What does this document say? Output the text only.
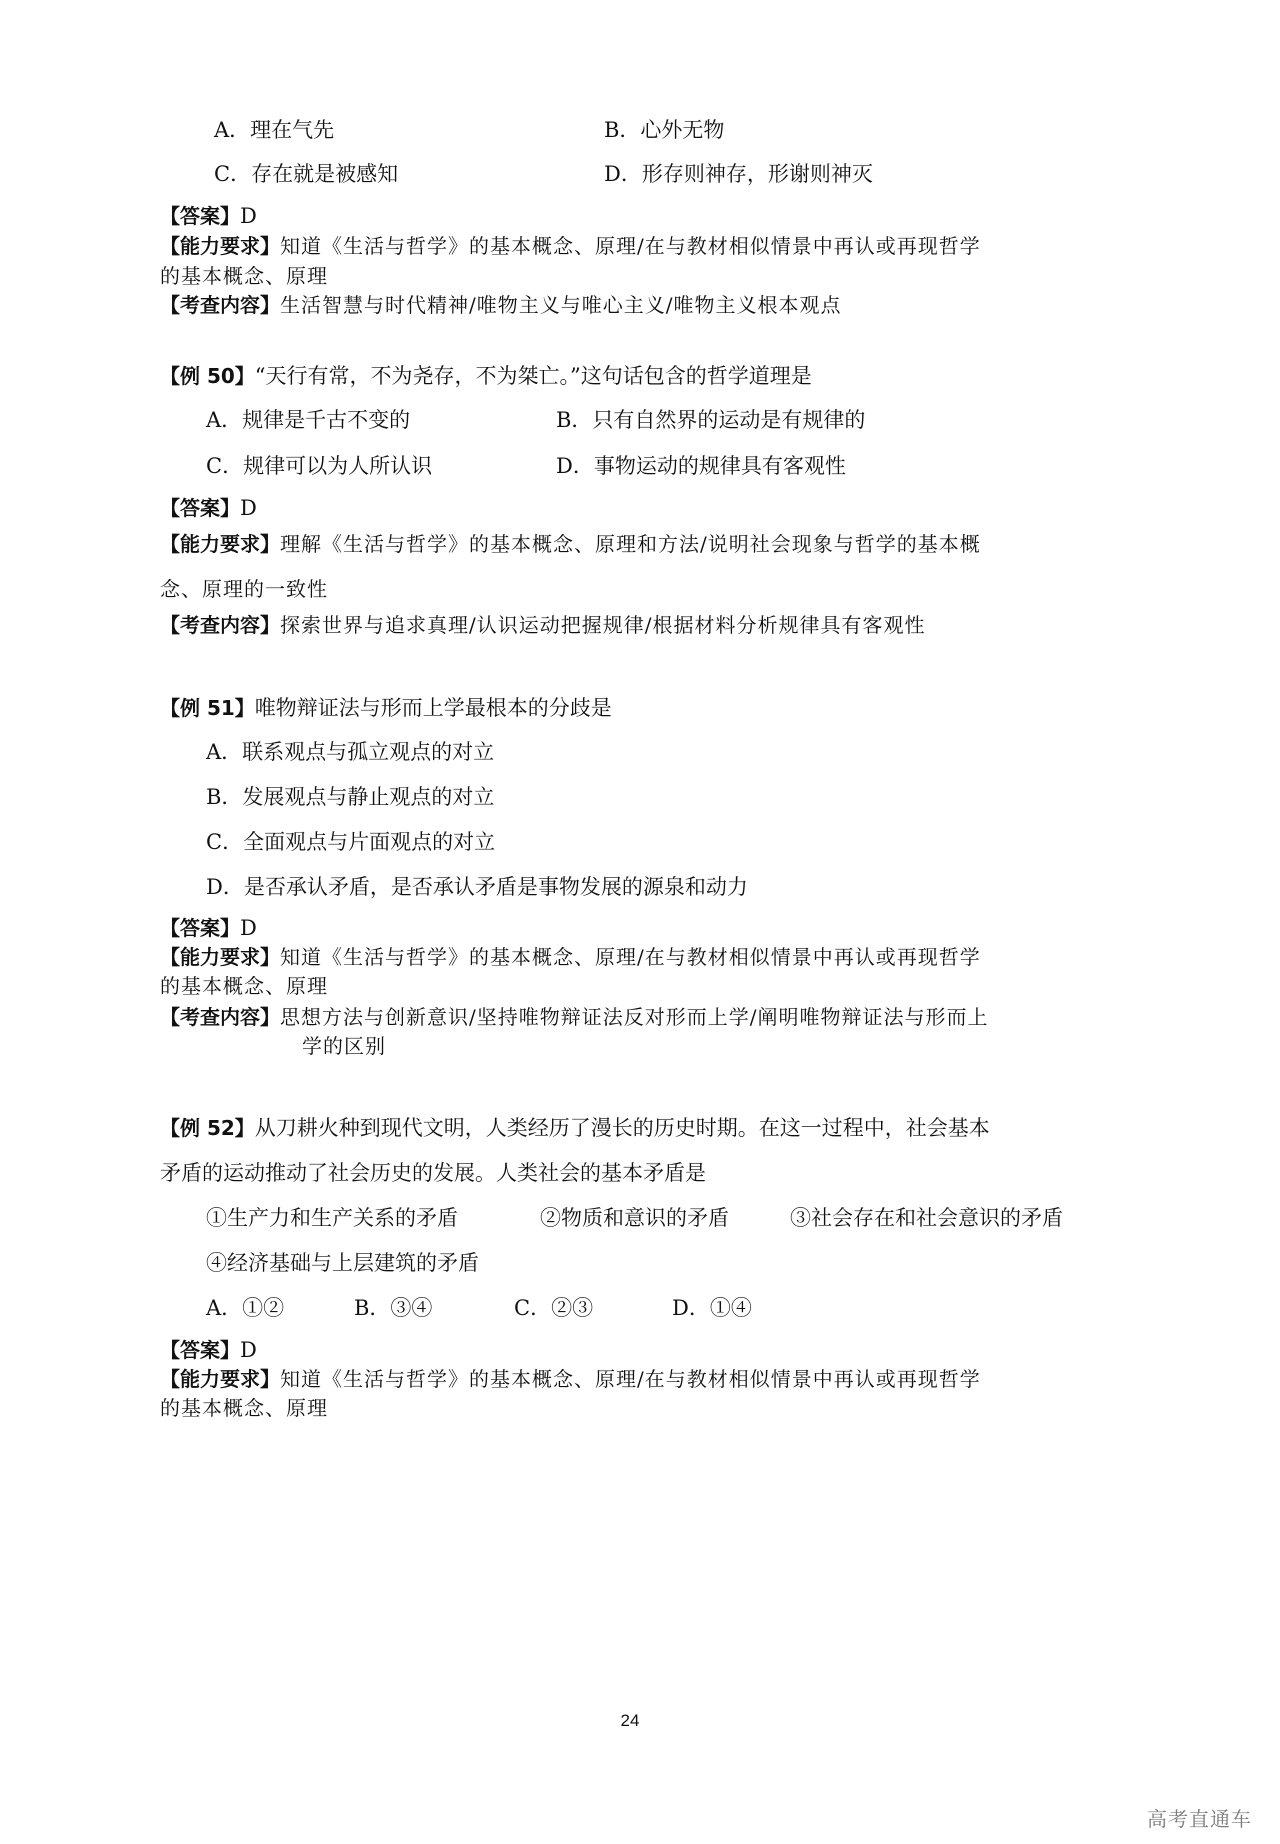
A．理在气先	B．心外无物
C．存在就是被感知	D．形存则神存，形谢则神灭
【答案】D
【能力要求】知道《生活与哲学》的基本概念、原理/在与教材相似情景中再认或再现哲学
的基本概念、原理
【考查内容】生活智慧与时代精神/唯物主义与唯心主义/唯物主义根本观点
【例 50】“天行有常，不为尧存，不为桀亡。”这句话包含的哲学道理是
A．规律是千古不变的	B．只有自然界的运动是有规律的
C．规律可以为人所认识	D．事物运动的规律具有客观性
【答案】D
【能力要求】理解《生活与哲学》的基本概念、原理和方法/说明社会现象与哲学的基本概
念、原理的一致性
【考查内容】探索世界与追求真理/认识运动把握规律/根据材料分析规律具有客观性
【例 51】唯物辩证法与形而上学最根本的分歧是
A．联系观点与孤立观点的对立
B．发展观点与静止观点的对立
C．全面观点与片面观点的对立
D．是否承认矛盾，是否承认矛盾是事物发展的源泉和动力
【答案】D
【能力要求】知道《生活与哲学》的基本概念、原理/在与教材相似情景中再认或再现哲学
的基本概念、原理
【考查内容】思想方法与创新意识/坚持唯物辩证法反对形而上学/阐明唯物辩证法与形而上
学的区别
【例 52】从刀耕火种到现代文明，人类经历了漫长的历史时期。在这一过程中，社会基本
矛盾的运动推动了社会历史的发展。人类社会的基本矛盾是
①生产力和生产关系的矛盾	②物质和意识的矛盾	③社会存在和社会意识的矛盾
④经济基础与上层建筑的矛盾
A．①②	B．③④	C．②③	D．①④
【答案】D
【能力要求】知道《生活与哲学》的基本概念、原理/在与教材相似情景中再认或再现哲学
的基本概念、原理
24
高考直通车
